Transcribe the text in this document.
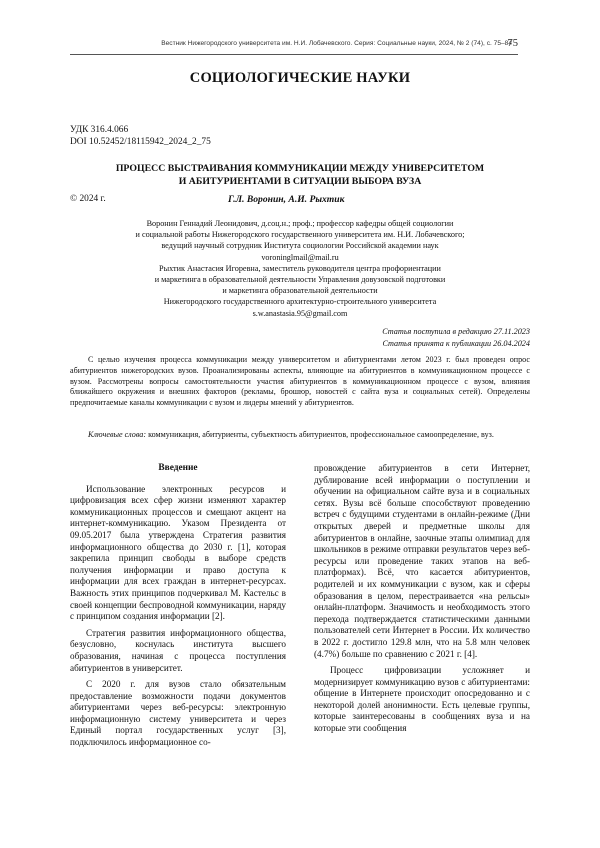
Вестник Нижегородского университета им. Н.И. Лобачевского. Серия: Социальные науки, 2024, № 2 (74), с. 75–84
75
СОЦИОЛОГИЧЕСКИЕ НАУКИ
УДК 316.4.066
DOI 10.52452/18115942_2024_2_75
ПРОЦЕСС ВЫСТРАИВАНИЯ КОММУНИКАЦИИ МЕЖДУ УНИВЕРСИТЕТОМ
И АБИТУРИЕНТАМИ В СИТУАЦИИ ВЫБОРА ВУЗА
© 2024 г.	Г.Л. Воронин, А.И. Рыхтик
Воронин Геннадий Леонидович, д.соц.н.; проф.; профессор кафедры общей социологии
и социальной работы Нижегородского государственного университета им. Н.И. Лобачевского;
ведущий научный сотрудник Института социологии Российской академии наук
voroninglmail@mail.ru
Рыхтик Анастасия Игоревна, заместитель руководителя центра профориентации
и маркетинга в образовательной деятельности Управления довузовской подготовки
и маркетинга образовательной деятельности
Нижегородского государственного архитектурно-строительного университета
s.w.anastasia.95@gmail.com
Статья поступила в редакцию 27.11.2023
Статья принята к публикации 26.04.2024
С целью изучения процесса коммуникации между университетом и абитуриентами летом 2023 г. был проведен опрос абитуриентов нижегородских вузов. Проанализированы аспекты, влияющие на абитуриентов в коммуникационном процессе с вузом. Рассмотрены вопросы самостоятельности участия абитуриентов в коммуникационном процессе с вузом, влияния ближайшего окружения и внешних факторов (рекламы, брошюр, новостей с сайта вуза и социальных сетей). Определены предпочитаемые каналы коммуникации с вузом и лидеры мнений у абитуриентов.
Ключевые слова: коммуникация, абитуриенты, субъектность абитуриентов, профессиональное самоопределение, вуз.
Введение

Использование электронных ресурсов и цифровизация всех сфер жизни изменяют характер коммуникационных процессов и смещают акцент на интернет-коммуникацию. Указом Президента от 09.05.2017 была утверждена Стратегия развития информационного общества до 2030 г. [1], которая закрепила принцип свободы в выборе средств получения информации и право доступа к информации для всех граждан в интернет-ресурсах. Важность этих принципов подчеркивал М. Кастельс в своей концепции беспроводной коммуникации, наряду с принципом создания информации [2].

Стратегия развития информационного общества, безусловно, коснулась института высшего образования, начиная с процесса поступления абитуриентов в университет.

С 2020 г. для вузов стало обязательным предоставление возможности подачи документов абитуриентами через веб-ресурсы: электронную информационную систему университета и через Единый портал государственных услуг [3], подключилось информационное со-

провождение абитуриентов в сети Интернет, дублирование всей информации о поступлении и обучении на официальном сайте вуза и в социальных сетях. Вузы всё больше способствуют проведению встреч с будущими студентами в онлайн-режиме (Дни открытых дверей и предметные школы для абитуриентов в онлайне, заочные этапы олимпиад для школьников в режиме отправки результатов через веб-ресурсы или проведение таких этапов на веб-платформах). Всё, что касается абитуриентов, родителей и их коммуникации с вузом, как и сферы образования в целом, перестраивается «на рельсы» онлайн-платформ. Значимость и необходимость этого перехода подтверждается статистическими данными пользователей сети Интернет в России. Их количество в 2022 г. достигло 129.8 млн, что на 5.8 млн человек (4.7%) больше по сравнению с 2021 г. [4].

Процесс цифровизации усложняет и модернизирует коммуникацию вузов с абитуриентами: общение в Интернете происходит опосредованно и с некоторой долей анонимности. Есть целевые группы, которые заинтересованы в сообщениях вуза и на которые эти сообщения
